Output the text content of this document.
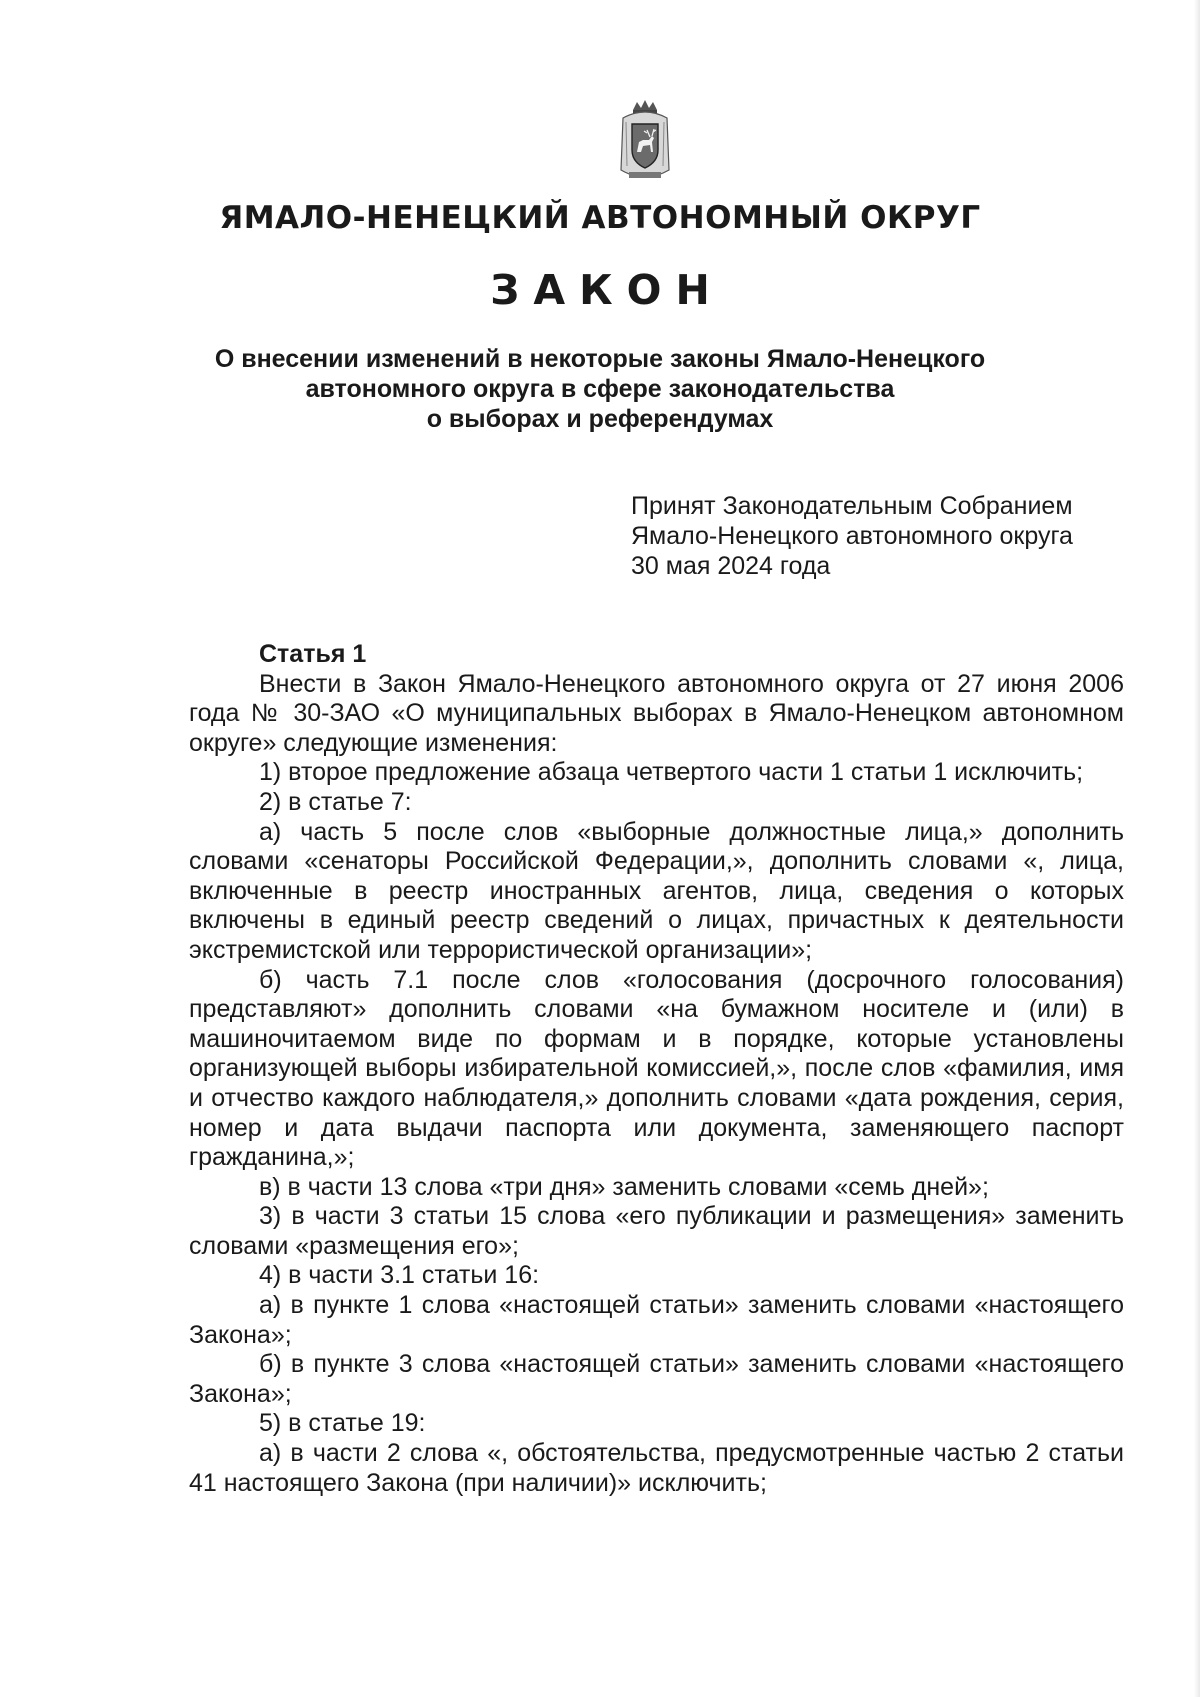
ЯМАЛО-НЕНЕЦКИЙ АВТОНОМНЫЙ ОКРУГ
ЗАКОН
О внесении изменений в некоторые законы Ямало-Ненецкого
автономного округа в сфере законодательства
о выборах и референдумах
Принят Законодательным Собранием
Ямало-Ненецкого автономного округа
30 мая 2024 года

Статья 1

Внести в Закон Ямало-Ненецкого автономного округа от 27 июня 2006 года № 30-ЗАО «О муниципальных выборах в Ямало-Ненецком автономном округе» следующие изменения:

1) второе предложение абзаца четвертого части 1 статьи 1 исключить;

2) в статье 7:

а) часть 5 после слов «выборные должностные лица,» дополнить словами «сенаторы Российской Федерации,», дополнить словами «, лица, включенные в реестр иностранных агентов, лица, сведения о которых включены в единый реестр сведений о лицах, причастных к деятельности экстремистской или террористической организации»;

б) часть 7.1 после слов «голосования (досрочного голосования) представляют» дополнить словами «на бумажном носителе и (или) в машиночитаемом виде по формам и в порядке, которые установлены организующей выборы избирательной комиссией,», после слов «фамилия, имя и отчество каждого наблюдателя,» дополнить словами «дата рождения, серия, номер и дата выдачи паспорта или документа, заменяющего паспорт гражданина,»;

в) в части 13 слова «три дня» заменить словами «семь дней»;

3) в части 3 статьи 15 слова «его публикации и размещения» заменить словами «размещения его»;

4) в части 3.1 статьи 16:

а) в пункте 1 слова «настоящей статьи» заменить словами «настоящего Закона»;

б) в пункте 3 слова «настоящей статьи» заменить словами «настоящего Закона»;

5) в статье 19:

а) в части 2 слова «, обстоятельства, предусмотренные частью 2 статьи 41 настоящего Закона (при наличии)» исключить;
